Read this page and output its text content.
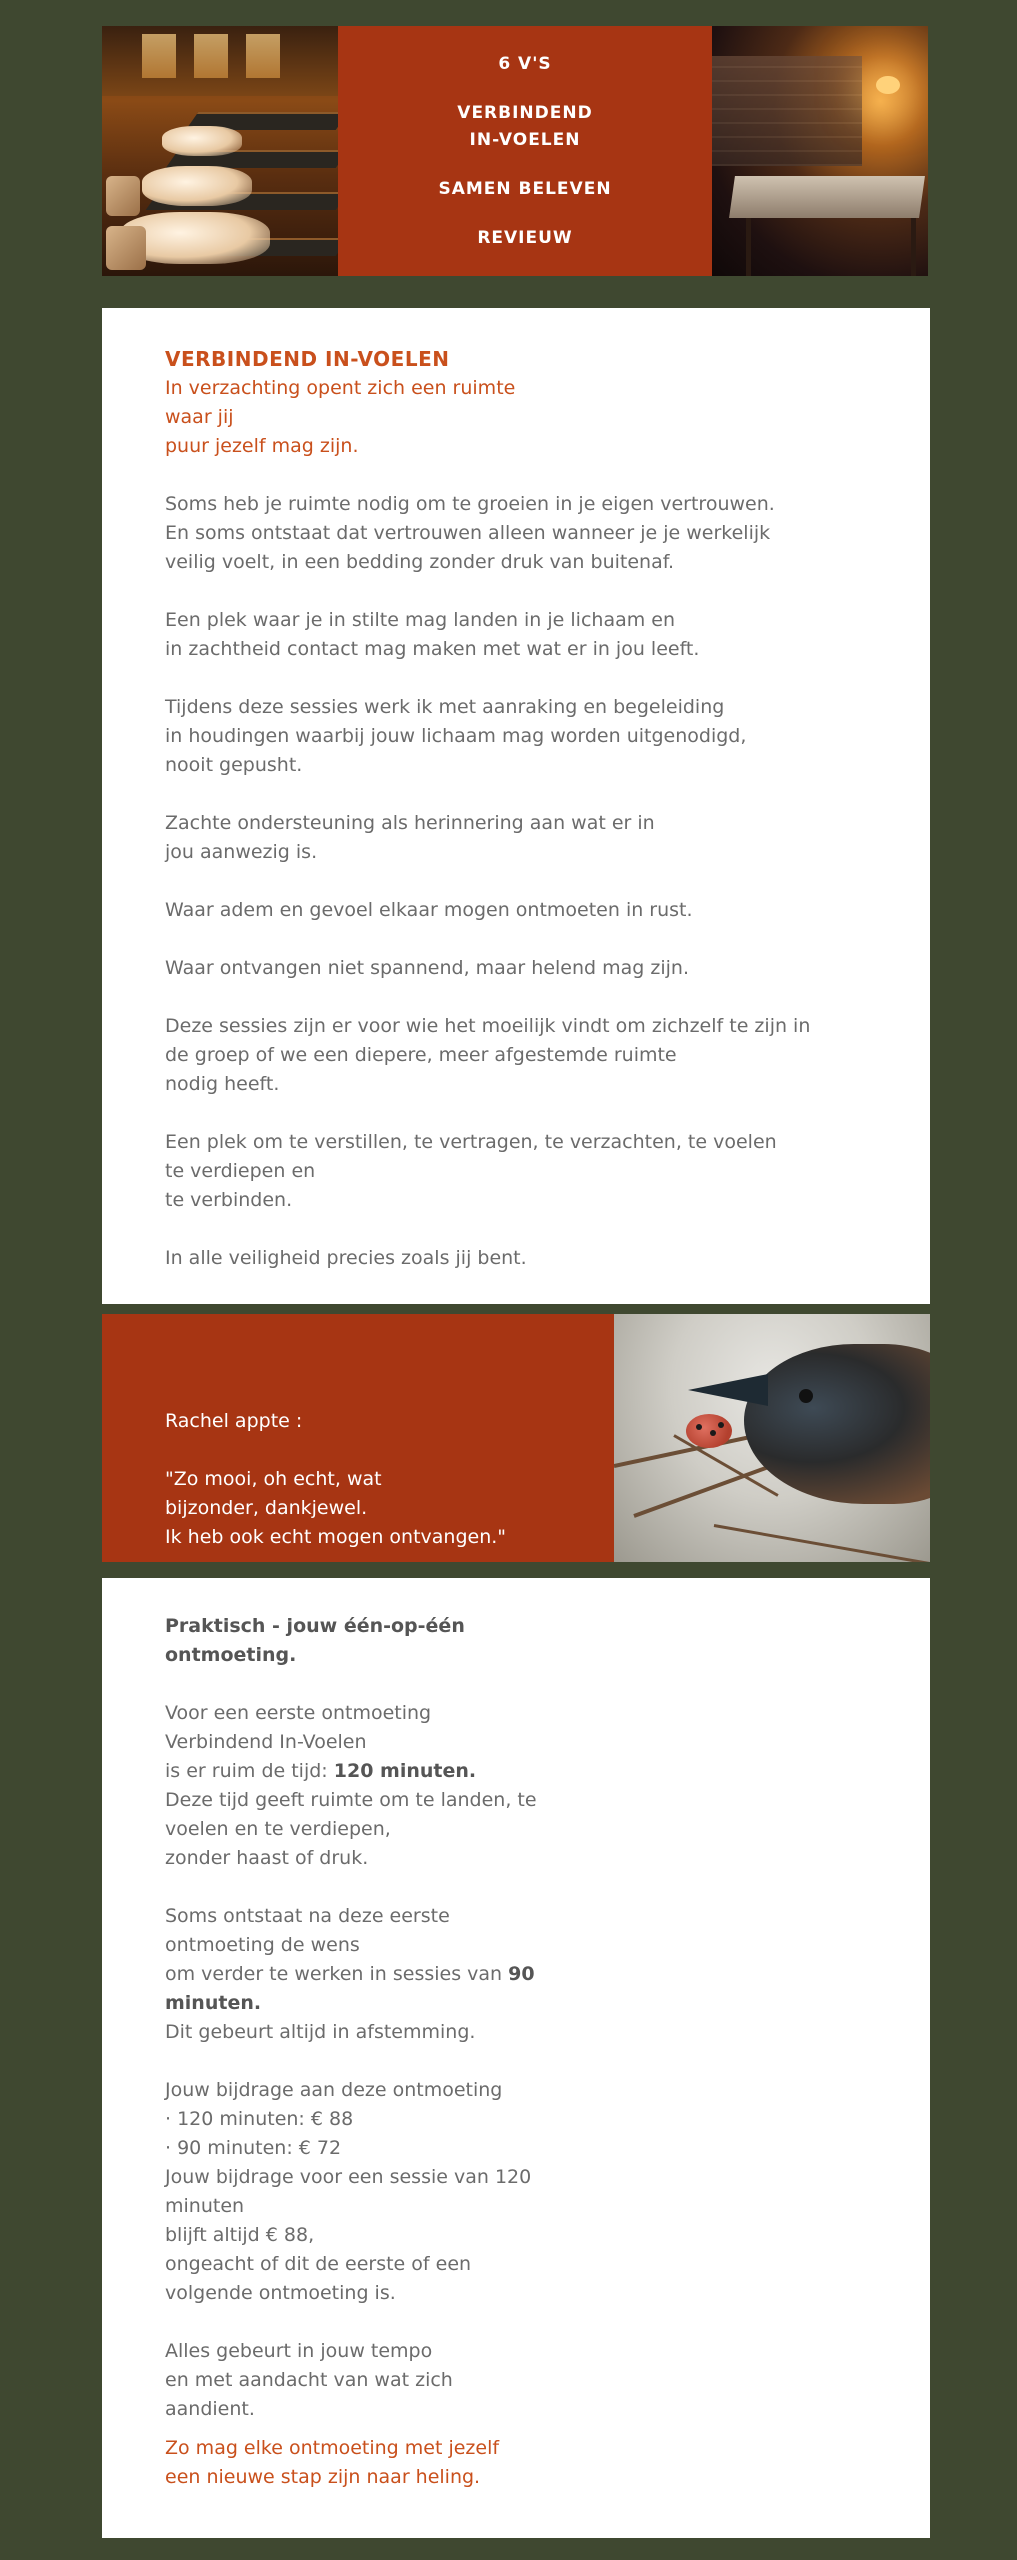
6 V'S
VERBINDEND
IN-VOELEN
SAMEN BELEVEN
REVIEUW
VERBINDEND IN-VOELEN
In verzachting opent zich een ruimte
waar jij
puur jezelf mag zijn.
Soms heb je ruimte nodig om te groeien in je eigen vertrouwen.
En soms ontstaat dat vertrouwen alleen wanneer je je werkelijk
veilig voelt, in een bedding zonder druk van buitenaf.
Een plek waar je in stilte mag landen in je lichaam en
in zachtheid contact mag maken met wat er in jou leeft.
Tijdens deze sessies werk ik met aanraking en begeleiding
in houdingen waarbij jouw lichaam mag worden uitgenodigd,
nooit gepusht.
Zachte ondersteuning als herinnering aan wat er in
jou aanwezig is.
Waar adem en gevoel elkaar mogen ontmoeten in rust.
Waar ontvangen niet spannend, maar helend mag zijn.
Deze sessies zijn er voor wie het moeilijk vindt om zichzelf te zijn in
de groep of we een diepere, meer afgestemde ruimte
nodig heeft.
Een plek om te verstillen, te vertragen, te verzachten, te voelen
te verdiepen en
te verbinden.
In alle veiligheid precies zoals jij bent.

Rachel appte :

"Zo mooi, oh echt, wat
bijzonder, dankjewel.
Ik heb ook echt mogen ontvangen."

Praktisch - jouw één-op-één
ontmoeting.
Voor een eerste ontmoeting
Verbindend In-Voelen
is er ruim de tijd: 120 minuten.
Deze tijd geeft ruimte om te landen, te
voelen en te verdiepen,
zonder haast of druk.
Soms ontstaat na deze eerste
ontmoeting de wens
om verder te werken in sessies van 90
minuten.
Dit gebeurt altijd in afstemming.
Jouw bijdrage aan deze ontmoeting
· 120 minuten: € 88
· 90 minuten: € 72
Jouw bijdrage voor een sessie van 120
minuten
blijft altijd € 88,
ongeacht of dit de eerste of een
volgende ontmoeting is.
Alles gebeurt in jouw tempo
en met aandacht van wat zich
aandient.
Zo mag elke ontmoeting met jezelf
een nieuwe stap zijn naar heling.
